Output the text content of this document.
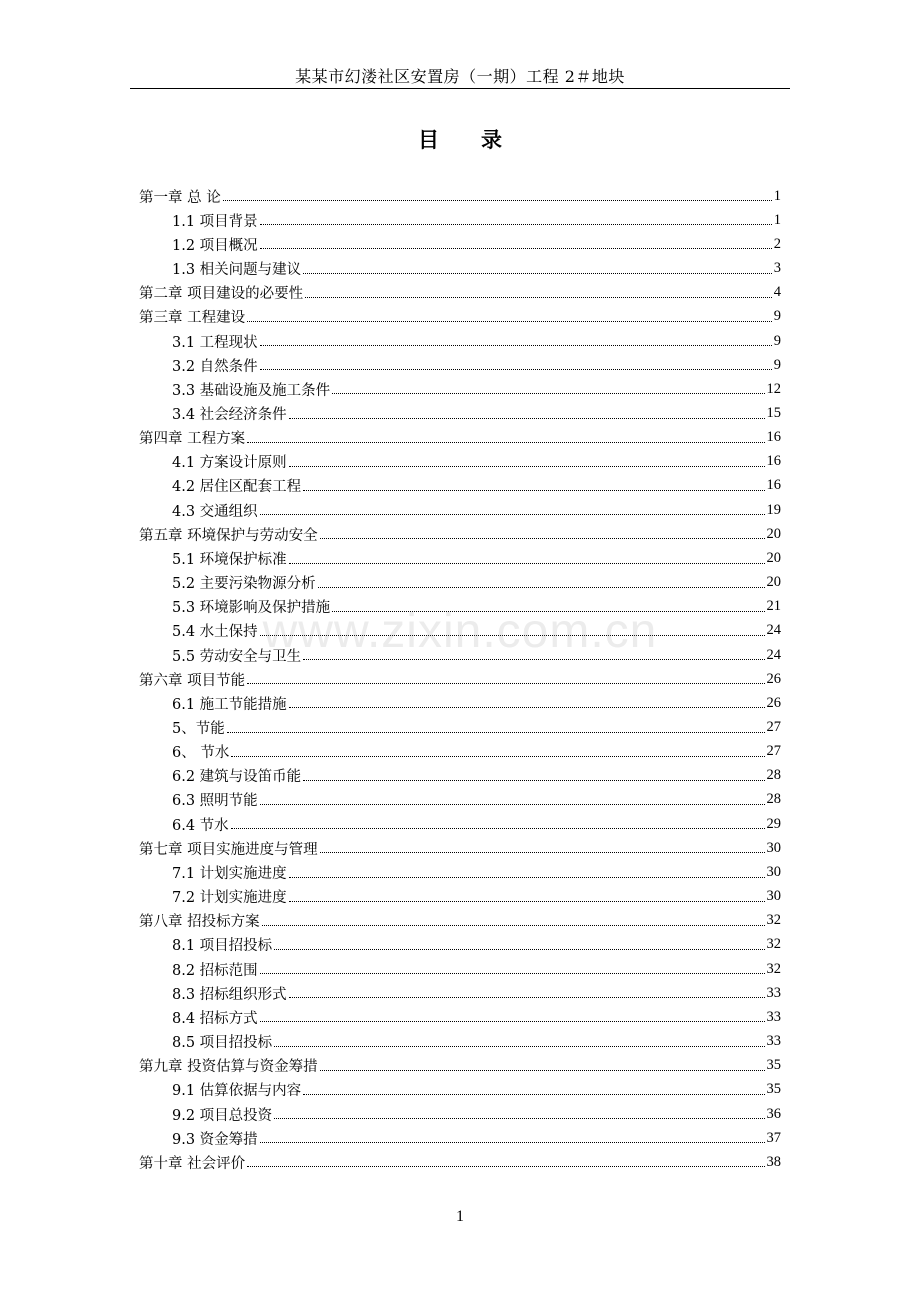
某某市幻溇社区安置房（一期）工程 2＃地块
目　　录
第一章 总 论	1
1.1 项目背景	1
1.2 项目概况	2
1.3 相关问题与建议	3
第二章 项目建设的必要性	4
第三章 工程建设	9
3.1 工程现状	9
3.2 自然条件	9
3.3 基础设施及施工条件	12
3.4 社会经济条件	15
第四章 工程方案	16
4.1 方案设计原则	16
4.2 居住区配套工程	16
4.3 交通组织	19
第五章 环境保护与劳动安全	20
5.1 环境保护标准	20
5.2 主要污染物源分析	20
5.3 环境影响及保护措施	21
5.4 水土保持	24
5.5 劳动安全与卫生	24
第六章 项目节能	26
6.1 施工节能措施	26
5、节能	27
6、 节水	27
6.2 建筑与设笛币能	28
6.3 照明节能	28
6.4 节水	29
第七章 项目实施进度与管理	30
7.1 计划实施进度	30
7.2 计划实施进度	30
第八章 招投标方案	32
8.1 项目招投标	32
8.2 招标范围	32
8.3 招标组织形式	33
8.4 招标方式	33
8.5 项目招投标	33
第九章 投资估算与资金筹措	35
9.1 估算依据与内容	35
9.2 项目总投资	36
9.3 资金筹措	37
第十章 社会评价	38
www.zixin.com.cn
1
